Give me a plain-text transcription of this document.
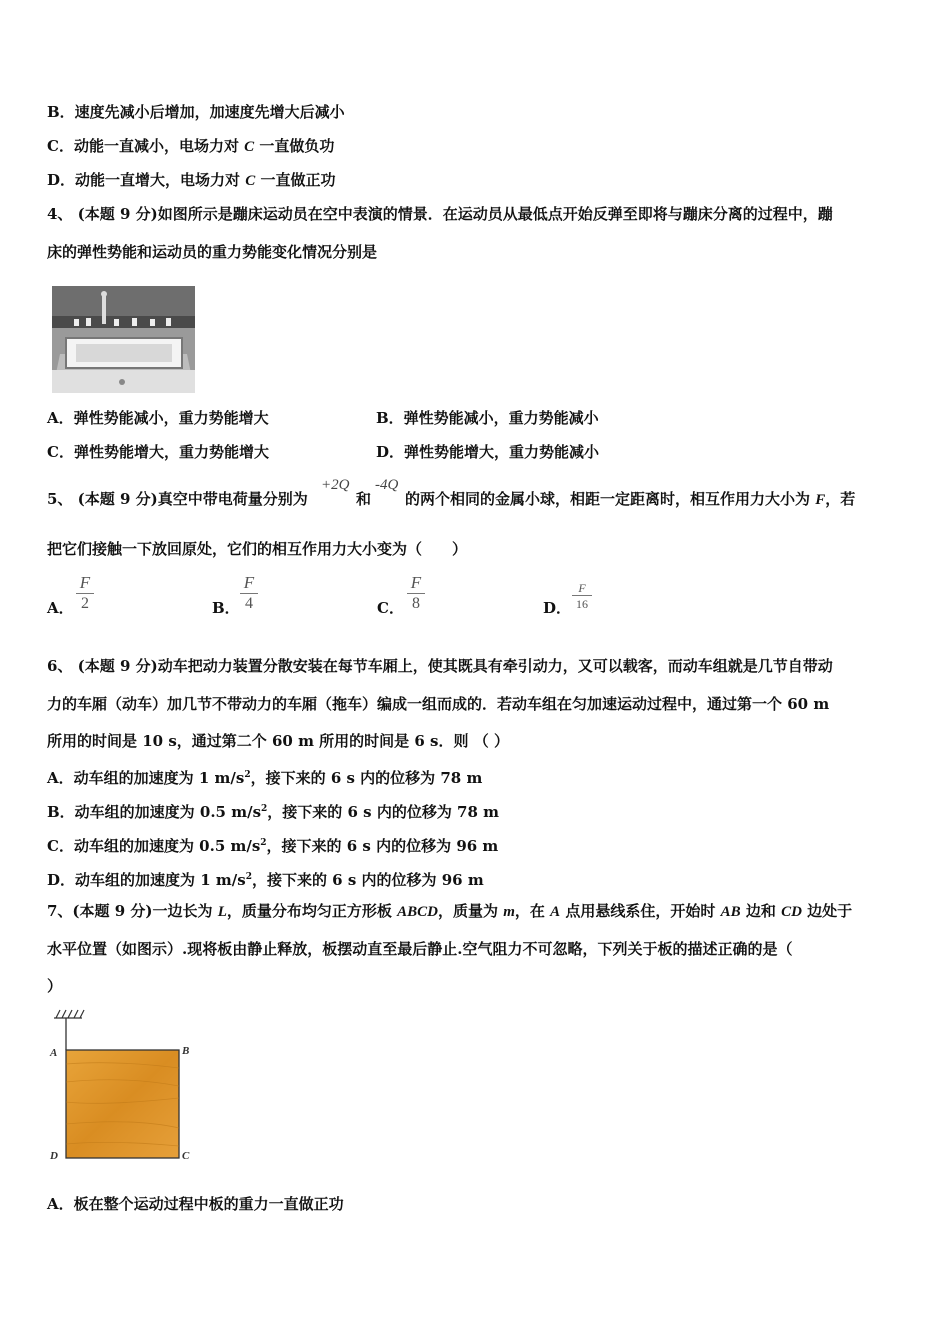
B．速度先减小后增加，加速度先增大后减小
C．动能一直减小，电场力对 C 一直做负功
D．动能一直增大，电场力对 C 一直做正功
4、 (本题 9 分)如图所示是蹦床运动员在空中表演的情景．在运动员从最低点开始反弹至即将与蹦床分离的过程中，蹦
床的弹性势能和运动员的重力势能变化情况分别是
A．弹性势能减小，重力势能增大	B．弹性势能减小，重力势能减小
C．弹性势能增大，重力势能增大	D．弹性势能增大，重力势能减小
5、 (本题 9 分)真空中带电荷量分别为
+2Q
和
-4Q
的两个相同的金属小球，相距一定距离时，相互作用力大小为 F，若
把它们接触一下放回原处，它们的相互作用力大小变为（　　）
A．
F
2	B．
F
4	C．
F
8	D．
F
16
6、 (本题 9 分)动车把动力装置分散安装在每节车厢上，使其既具有牵引动力，又可以载客，而动车组就是几节自带动
力的车厢（动车）加几节不带动力的车厢（拖车）编成一组而成的．若动车组在匀加速运动过程中，通过第一个 60 m
所用的时间是 10 s，通过第二个 60 m 所用的时间是 6 s．则 （ ）
A．动车组的加速度为 1 $m/s^2$，接下来的 6 s 内的位移为 78 m
B．动车组的加速度为 0.5 $m/s^2$，接下来的 6 s 内的位移为 78 m
C．动车组的加速度为 0.5 $m/s^2$，接下来的 6 s 内的位移为 96 m
D．动车组的加速度为 1 $m/s^2$，接下来的 6 s 内的位移为 96 m
7、(本题 9 分)一边长为 L，质量分布均匀正方形板 ABCD，质量为 m，在 A 点用悬线系住，开始时 AB 边和 CD 边处于
水平位置（如图示）.现将板由静止释放，板摆动直至最后静止.空气阻力不可忽略，下列关于板的描述正确的是（
）
A	B
D	C
A．板在整个运动过程中板的重力一直做正功
